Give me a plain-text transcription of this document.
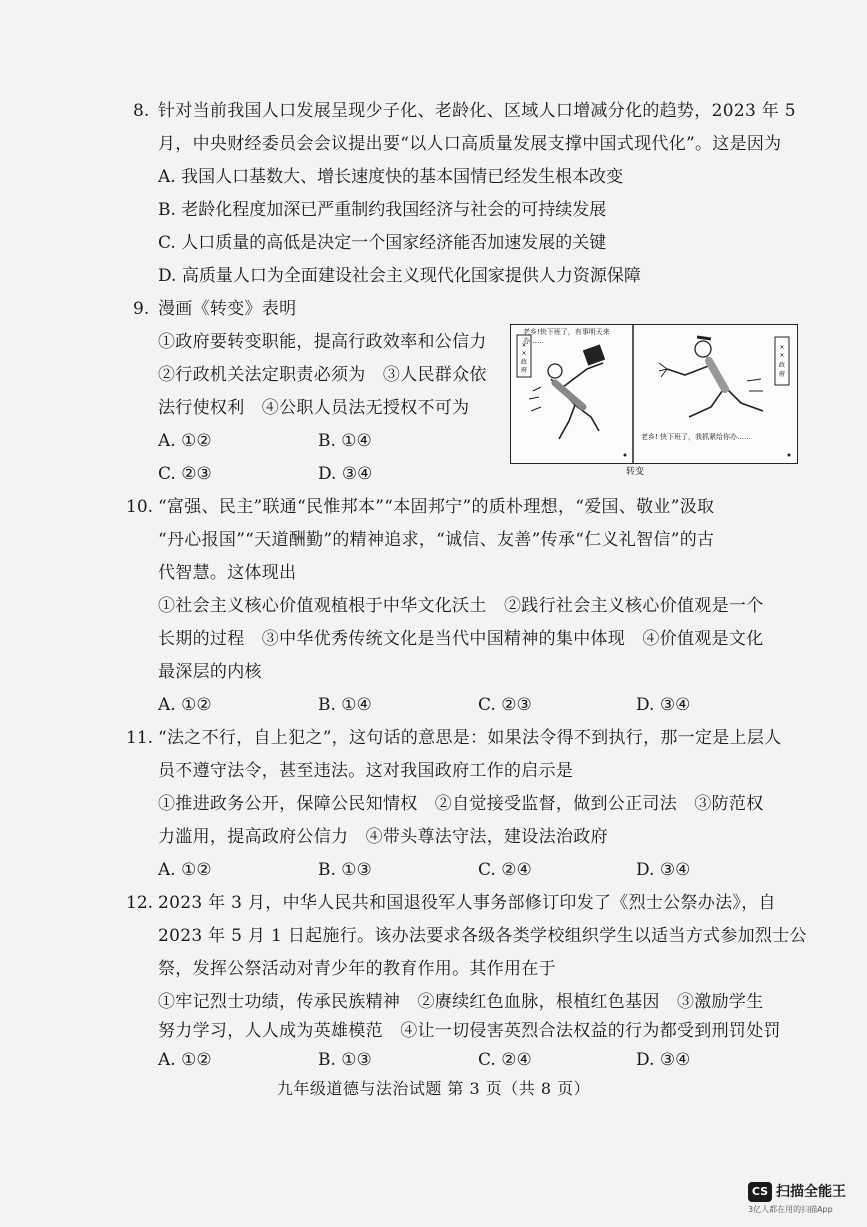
8. 针对当前我国人口发展呈现少子化、老龄化、区域人口增减分化的趋势，2023 年 5
月，中央财经委员会会议提出要“以人口高质量发展支撑中国式现代化”。这是因为
A. 我国人口基数大、增长速度快的基本国情已经发生根本改变
B. 老龄化程度加深已严重制约我国经济与社会的可持续发展
C. 人口质量的高低是决定一个国家经济能否加速发展的关键
D. 高质量人口为全面建设社会主义现代化国家提供人力资源保障
9. 漫画《转变》表明
①政府要转变职能，提高行政效率和公信力
②行政机关法定职责必须为　③人民群众依
法行使权利　④公职人员法无授权不可为
A. ①②	B. ①④
C. ②③	D. ③④
×
×
政
府
×
×
政
府
老乡!快下班了，有事明天来办……
老乡! 快下班了，我抓紧给你办……
转变
10. “富强、民主”联通“民惟邦本”“本固邦宁”的质朴理想，“爱国、敬业”汲取
“丹心报国”“天道酬勤”的精神追求，“诚信、友善”传承“仁义礼智信”的古
代智慧。这体现出
①社会主义核心价值观植根于中华文化沃土　②践行社会主义核心价值观是一个
长期的过程　③中华优秀传统文化是当代中国精神的集中体现　④价值观是文化
最深层的内核
A. ①②	B. ①④	C. ②③	D. ③④
11. “法之不行，自上犯之”，这句话的意思是：如果法令得不到执行，那一定是上层人
员不遵守法令，甚至违法。这对我国政府工作的启示是
①推进政务公开，保障公民知情权　②自觉接受监督，做到公正司法　③防范权
力滥用，提高政府公信力　④带头尊法守法，建设法治政府
A. ①②	B. ①③	C. ②④	D. ③④
12. 2023 年 3 月，中华人民共和国退役军人事务部修订印发了《烈士公祭办法》，自
2023 年 5 月 1 日起施行。该办法要求各级各类学校组织学生以适当方式参加烈士公
祭，发挥公祭活动对青少年的教育作用。其作用在于
①牢记烈士功绩，传承民族精神　②赓续红色血脉，根植红色基因　③激励学生
努力学习，人人成为英雄模范　④让一切侵害英烈合法权益的行为都受到刑罚处罚
A. ①②	B. ①③	C. ②④	D. ③④
九年级道德与法治试题 第 3 页（共 8 页）
CS 扫描全能王
3亿人都在用的扫描App
